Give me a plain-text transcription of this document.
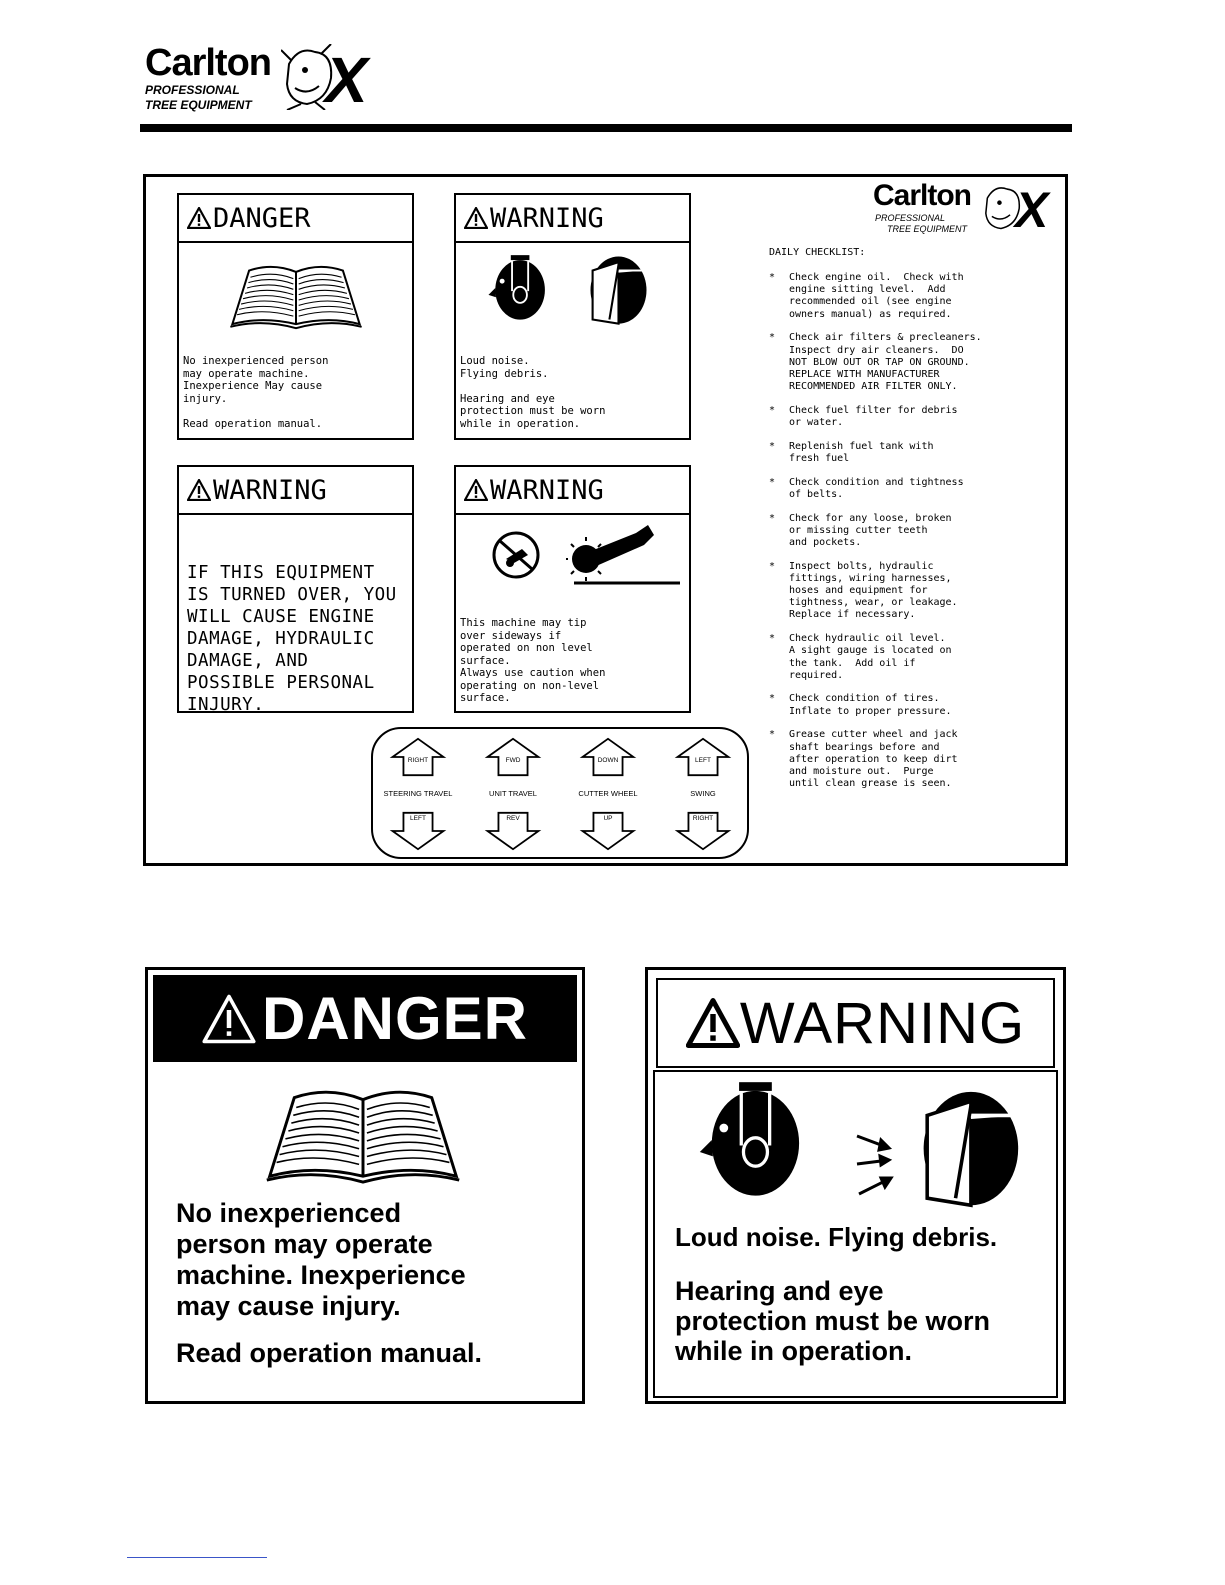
Carlton
PROFESSIONAL
TREE EQUIPMENT X
DANGER
No inexperienced person
may operate machine.
Inexperience May cause
injury.

Read operation manual.
WARNING
Loud noise.
Flying debris.

Hearing and eye
protection must be worn
while in operation.
WARNING
IF THIS EQUIPMENT
IS TURNED OVER, YOU
WILL CAUSE ENGINE
DAMAGE, HYDRAULIC
DAMAGE, AND
POSSIBLE PERSONAL
INJURY.
WARNING
This machine may tip
over sideways if
operated on non level
surface.
Always use caution when
operating on non-level
surface.
Carlton
PROFESSIONAL
TREE EQUIPMENT X
DAILY CHECKLIST:
*	Check engine oil.  Check with
engine sitting level.  Add
recommended oil (see engine
owners manual) as required.
*	Check air filters & precleaners.
Inspect dry air cleaners.  DO
NOT BLOW OUT OR TAP ON GROUND.
REPLACE WITH MANUFACTURER
RECOMMENDED AIR FILTER ONLY.
*	Check fuel filter for debris
or water.
*	Replenish fuel tank with
fresh fuel
*	Check condition and tightness
of belts.
*	Check for any loose, broken
or missing cutter teeth
and pockets.
*	Inspect bolts, hydraulic
fittings, wiring harnesses,
hoses and equipment for
tightness, wear, or leakage.
Replace if necessary.
*	Check hydraulic oil level.
A sight gauge is located on
the tank.  Add oil if
required.
*	Check condition of tires.
Inflate to proper pressure.
*	Grease cutter wheel and jack
shaft bearings before and
after operation to keep dirt
and moisture out.  Purge
until clean grease is seen.
RIGHT
STEERING TRAVEL
LEFT
FWD
UNIT TRAVEL
REV
DOWN
CUTTER WHEEL
UP
LEFT
SWING
RIGHT
DANGER
No inexperienced
person may operate
machine. Inexperience
may cause injury.
Read operation manual.
WARNING
Loud noise. Flying debris.
Hearing and eye
protection must be worn
while in operation.
